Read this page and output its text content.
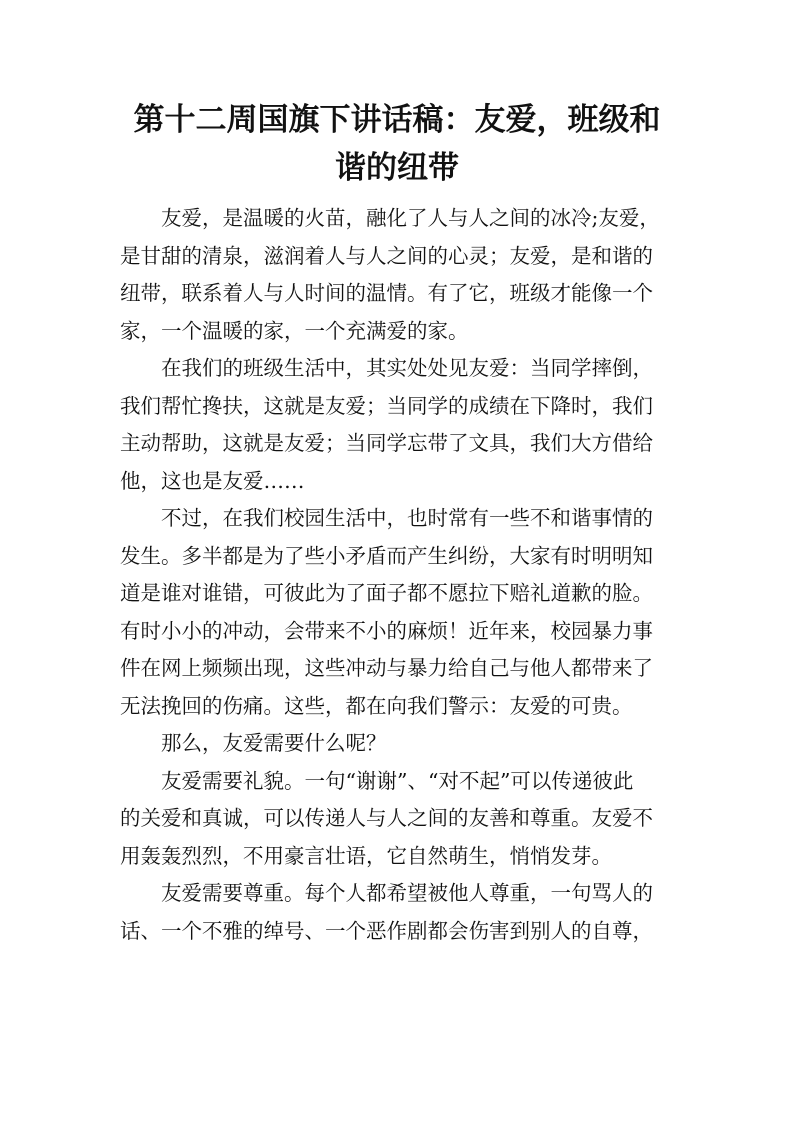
第十二周国旗下讲话稿：友爱，班级和
谐的纽带
友爱，是温暖的火苗，融化了人与人之间的冰冷;友爱，
是甘甜的清泉，滋润着人与人之间的心灵；友爱，是和谐的
纽带，联系着人与人时间的温情。有了它，班级才能像一个
家，一个温暖的家，一个充满爱的家。
在我们的班级生活中，其实处处见友爱：当同学摔倒，
我们帮忙搀扶，这就是友爱；当同学的成绩在下降时，我们
主动帮助，这就是友爱；当同学忘带了文具，我们大方借给
他，这也是友爱……
不过，在我们校园生活中，也时常有一些不和谐事情的
发生。多半都是为了些小矛盾而产生纠纷，大家有时明明知
道是谁对谁错，可彼此为了面子都不愿拉下赔礼道歉的脸。
有时小小的冲动，会带来不小的麻烦！近年来，校园暴力事
件在网上频频出现，这些冲动与暴力给自己与他人都带来了
无法挽回的伤痛。这些，都在向我们警示：友爱的可贵。
那么，友爱需要什么呢？
友爱需要礼貌。一句“谢谢”、“对不起”可以传递彼此
的关爱和真诚，可以传递人与人之间的友善和尊重。友爱不
用轰轰烈烈，不用豪言壮语，它自然萌生，悄悄发芽。
友爱需要尊重。每个人都希望被他人尊重，一句骂人的
话、一个不雅的绰号、一个恶作剧都会伤害到别人的自尊，
